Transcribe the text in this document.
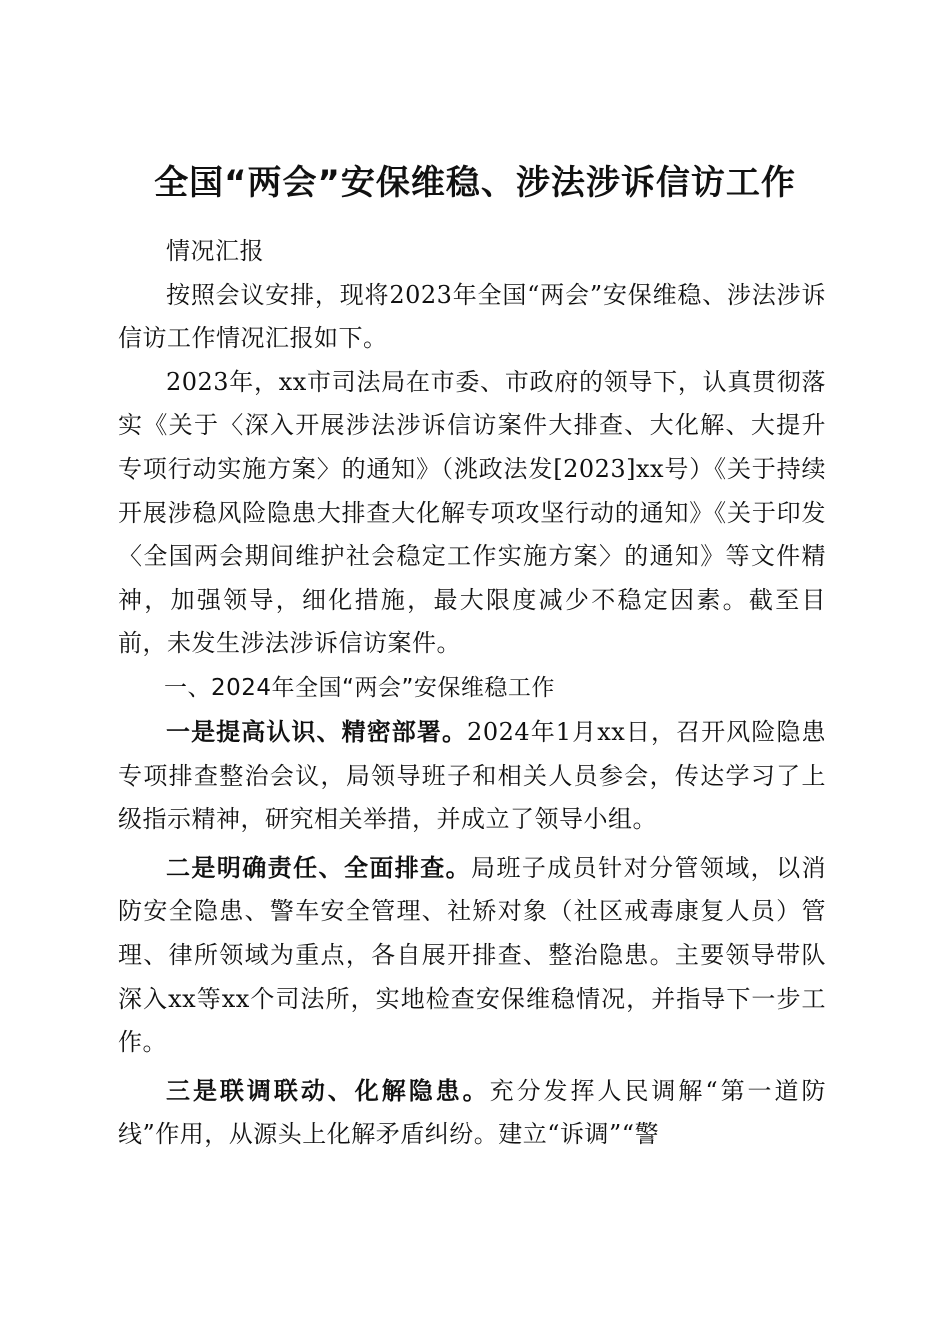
全国“两会”安保维稳、涉法涉诉信访工作

情况汇报

按照会议安排，现将2023年全国“两会”安保维稳、涉法涉诉信访工作情况汇报如下。

2023年，xx市司法局在市委、市政府的领导下，认真贯彻落实《关于〈深入开展涉法涉诉信访案件大排查、大化解、大提升专项行动实施方案〉的通知》（洮政法发[2023]xx号）《关于持续开展涉稳风险隐患大排查大化解专项攻坚行动的通知》《关于印发〈全国两会期间维护社会稳定工作实施方案〉的通知》等文件精神，加强领导，细化措施，最大限度减少不稳定因素。截至目前，未发生涉法涉诉信访案件。

一、2024年全国“两会”安保维稳工作

一是提高认识、精密部署。2024年1月xx日，召开风险隐患专项排查整治会议，局领导班子和相关人员参会，传达学习了上级指示精神，研究相关举措，并成立了领导小组。

二是明确责任、全面排查。局班子成员针对分管领域，以消防安全隐患、警车安全管理、社矫对象（社区戒毒康复人员）管理、律所领域为重点，各自展开排查、整治隐患。主要领导带队深入xx等xx个司法所，实地检查安保维稳情况，并指导下一步工作。

三是联调联动、化解隐患。充分发挥人民调解“第一道防线”作用，从源头上化解矛盾纠纷。建立“诉调”“警
